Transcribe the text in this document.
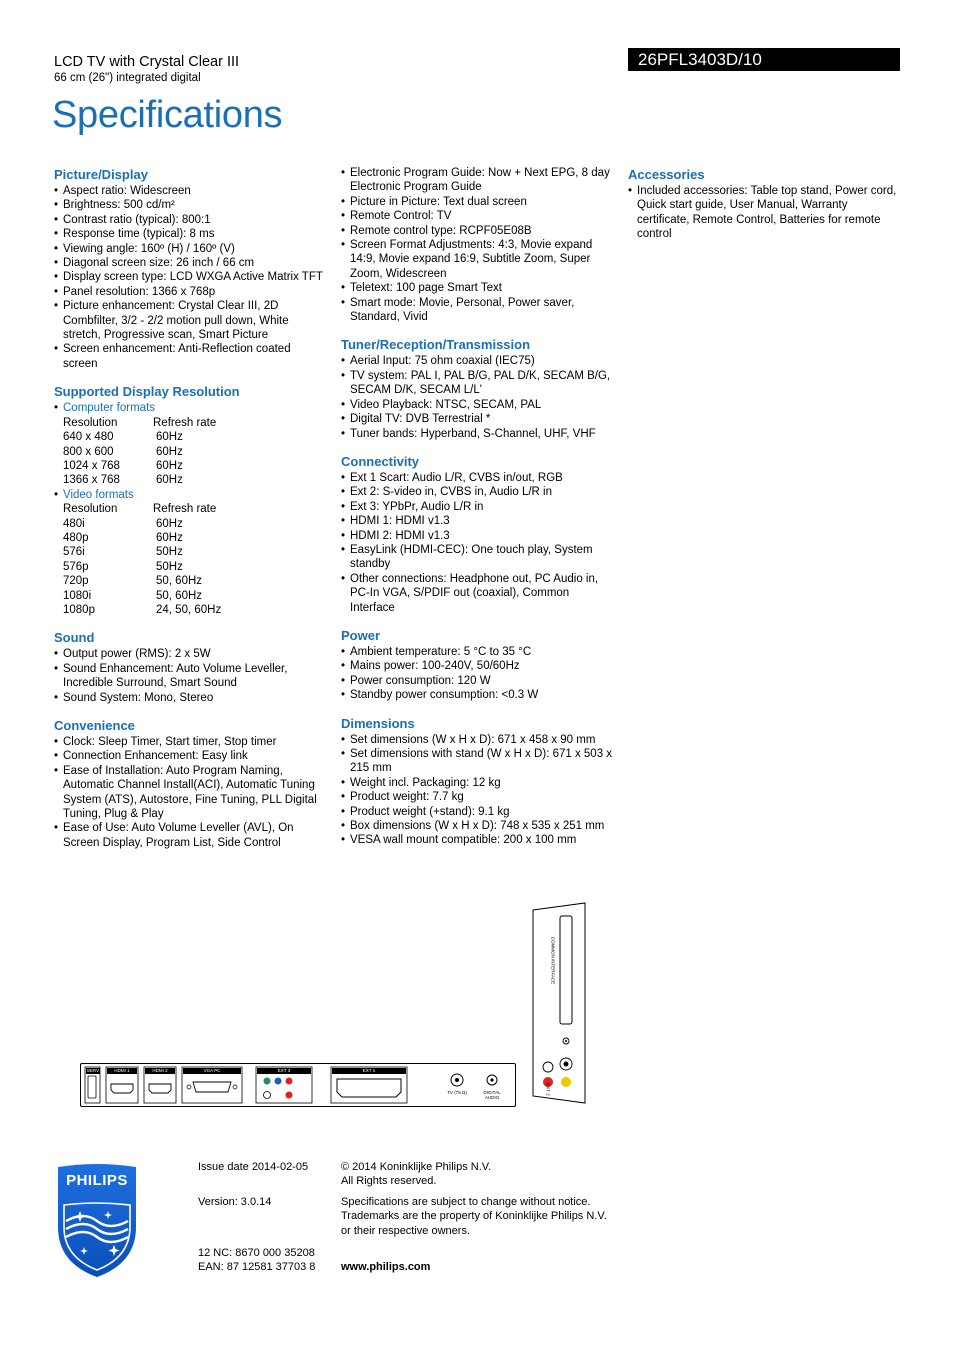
LCD TV with Crystal Clear III
66 cm (26") integrated digital
26PFL3403D/10
Specifications
Picture/Display
• Aspect ratio: Widescreen
• Brightness: 500 cd/m²
• Contrast ratio (typical): 800:1
• Response time (typical): 8 ms
• Viewing angle: 160º (H) / 160º (V)
• Diagonal screen size: 26 inch / 66 cm
• Display screen type: LCD WXGA Active Matrix TFT
• Panel resolution: 1366 x 768p
• Picture enhancement: Crystal Clear III, 2D Combfilter, 3/2 - 2/2 motion pull down, White stretch, Progressive scan, Smart Picture
• Screen enhancement: Anti-Reflection coated screen
Supported Display Resolution
• Computer formats
Resolution	Refresh rate
640 x 480	60Hz
800 x 600	60Hz
1024 x 768	60Hz
1366 x 768	60Hz
• Video formats
Resolution	Refresh rate
480i	60Hz
480p	60Hz
576i	50Hz
576p	50Hz
720p	50, 60Hz
1080i	50, 60Hz
1080p	24, 50, 60Hz
Sound
• Output power (RMS): 2 x 5W
• Sound Enhancement: Auto Volume Leveller, Incredible Surround, Smart Sound
• Sound System: Mono, Stereo
Convenience
• Clock: Sleep Timer, Start timer, Stop timer
• Connection Enhancement: Easy link
• Ease of Installation: Auto Program Naming, Automatic Channel Install(ACI), Automatic Tuning System (ATS), Autostore, Fine Tuning, PLL Digital Tuning, Plug & Play
• Ease of Use: Auto Volume Leveller (AVL), On Screen Display, Program List, Side Control
• Electronic Program Guide: Now + Next EPG, 8 day Electronic Program Guide
• Picture in Picture: Text dual screen
• Remote Control: TV
• Remote control type: RCPF05E08B
• Screen Format Adjustments: 4:3, Movie expand 14:9, Movie expand 16:9, Subtitle Zoom, Super Zoom, Widescreen
• Teletext: 100 page Smart Text
• Smart mode: Movie, Personal, Power saver, Standard, Vivid
Tuner/Reception/Transmission
• Aerial Input: 75 ohm coaxial (IEC75)
• TV system: PAL I, PAL B/G, PAL D/K, SECAM B/G, SECAM D/K, SECAM L/L'
• Video Playback: NTSC, SECAM, PAL
• Digital TV: DVB Terrestrial *
• Tuner bands: Hyperband, S-Channel, UHF, VHF
Connectivity
• Ext 1 Scart: Audio L/R, CVBS in/out, RGB
• Ext 2: S-video in, CVBS in, Audio L/R in
• Ext 3: YPbPr, Audio L/R in
• HDMI 1: HDMI v1.3
• HDMI 2: HDMI v1.3
• EasyLink (HDMI-CEC): One touch play, System standby
• Other connections: Headphone out, PC Audio in, PC-In VGA, S/PDIF out (coaxial), Common Interface
Power
• Ambient temperature: 5 °C to 35 °C
• Mains power: 100-240V, 50/60Hz
• Power consumption: 120 W
• Standby power consumption: <0.3 W
Dimensions
• Set dimensions (W x H x D): 671 x 458 x 90 mm
• Set dimensions with stand (W x H x D): 671 x 503 x 215 mm
• Weight incl. Packaging: 12 kg
• Product weight: 7.7 kg
• Product weight (+stand): 9.1 kg
• Box dimensions (W x H x D): 748 x 535 x 251 mm
• VESA wall mount compatible: 200 x 100 mm
Accessories
• Included accessories: Table top stand, Power cord, Quick start guide, User Manual, Warranty certificate, Remote Control, Batteries for remote control
SERV	HDMI 1	HDMI 2	VGA PC	EXT 3	EXT 1
TV (75 Ω)	DIGITAL AUDIO
COMMON INTERFACE
EXT 2
PHILIPS
Issue date 2014-02-05
Version: 3.0.14
12 NC: 8670 000 35208
EAN: 87 12581 37703 8
© 2014 Koninklijke Philips N.V.
All Rights reserved.
Specifications are subject to change without notice.
Trademarks are the property of Koninklijke Philips N.V.
or their respective owners.
www.philips.com
